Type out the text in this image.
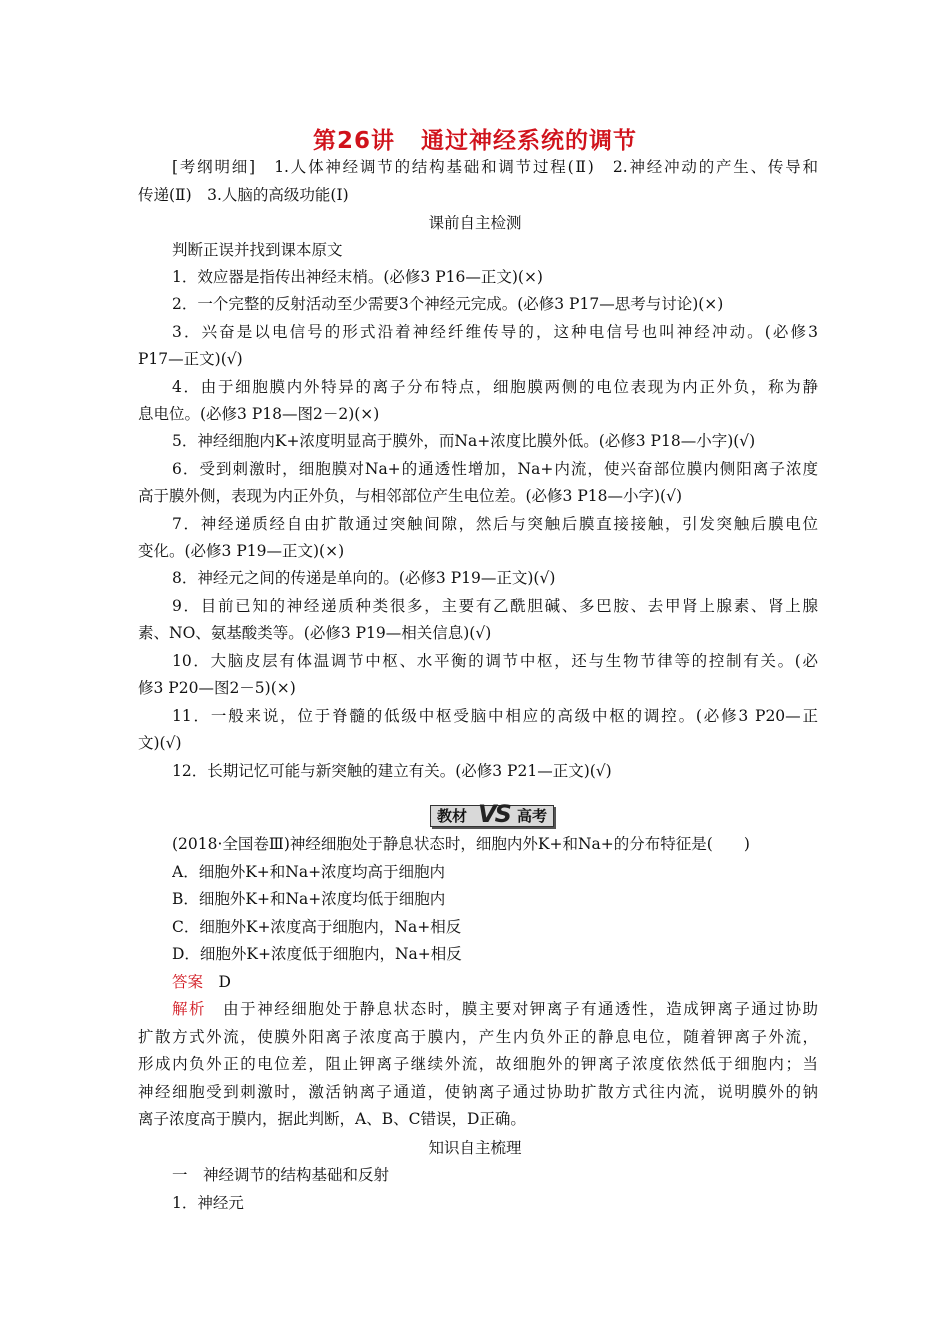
第26讲 通过神经系统的调节
[考纲明细]　1.人体神经调节的结构基础和调节过程(Ⅱ)　2.神经冲动的产生、传导和
传递(Ⅱ)　3.人脑的高级功能(Ⅰ)
课前自主检测
判断正误并找到课本原文
1．效应器是指传出神经末梢。(必修3 P16—正文)(×)
2．一个完整的反射活动至少需要3个神经元完成。(必修3 P17—思考与讨论)(×)
3．兴奋是以电信号的形式沿着神经纤维传导的，这种电信号也叫神经冲动。(必修3
P17—正文)(√)
4．由于细胞膜内外特异的离子分布特点，细胞膜两侧的电位表现为内正外负，称为静
息电位。(必修3 P18—图2－2)(×)
5．神经细胞内K+浓度明显高于膜外，而Na+浓度比膜外低。(必修3 P18—小字)(√)
6．受到刺激时，细胞膜对Na+的通透性增加，Na+内流，使兴奋部位膜内侧阳离子浓度
高于膜外侧，表现为内正外负，与相邻部位产生电位差。(必修3 P18—小字)(√)
7．神经递质经自由扩散通过突触间隙，然后与突触后膜直接接触，引发突触后膜电位
变化。(必修3 P19—正文)(×)
8．神经元之间的传递是单向的。(必修3 P19—正文)(√)
9．目前已知的神经递质种类很多，主要有乙酰胆碱、多巴胺、去甲肾上腺素、肾上腺
素、NO、氨基酸类等。(必修3 P19—相关信息)(√)
10．大脑皮层有体温调节中枢、水平衡的调节中枢，还与生物节律等的控制有关。(必
修3 P20—图2－5)(×)
11．一般来说，位于脊髓的低级中枢受脑中相应的高级中枢的调控。(必修3 P20—正
文)(√)
12．长期记忆可能与新突触的建立有关。(必修3 P21—正文)(√)
教材 VS 高考
(2018·全国卷Ⅲ)神经细胞处于静息状态时，细胞内外K+和Na+的分布特征是(　　)
A．细胞外K+和Na+浓度均高于细胞内
B．细胞外K+和Na+浓度均低于细胞内
C．细胞外K+浓度高于细胞内，Na+相反
D．细胞外K+浓度低于细胞内，Na+相反
答案　 D
解析　 由于神经细胞处于静息状态时，膜主要对钾离子有通透性，造成钾离子通过协助
扩散方式外流，使膜外阳离子浓度高于膜内，产生内负外正的静息电位，随着钾离子外流，
形成内负外正的电位差，阻止钾离子继续外流，故细胞外的钾离子浓度依然低于细胞内；当
神经细胞受到刺激时，激活钠离子通道，使钠离子通过协助扩散方式往内流，说明膜外的钠
离子浓度高于膜内，据此判断，A、B、C错误，D正确。
知识自主梳理
一　神经调节的结构基础和反射
1．神经元
